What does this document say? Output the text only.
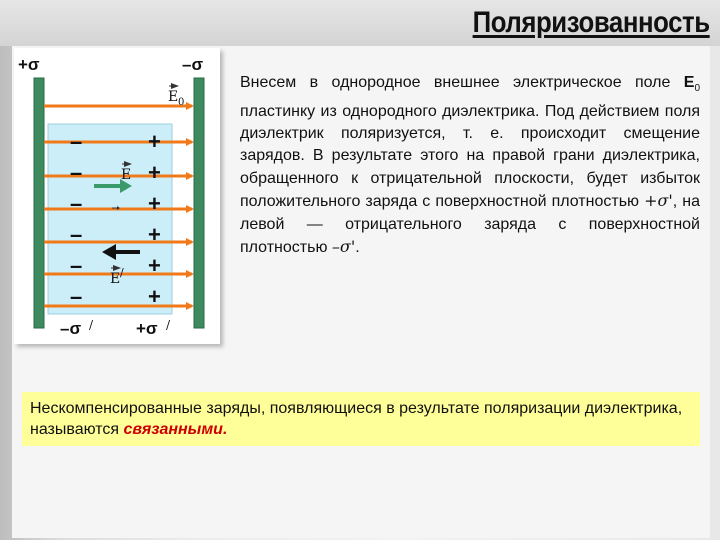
Поляризованность
+σ	–σ
E 0
E
E /
–
–
–
–
–
–
+
+
+
+
+
+
–σ /	+σ /
Внесем в однородное внешнее электрическое поле $Е_0$ пластинку из однородного диэлектрика. Под действием поля диэлектрик поляризуется, т. е. происходит смещение зарядов. В результате этого на правой грани диэлектрика, обращенного к отрицательной плоскости, будет избыток положительного заряда с поверхностной плотностью +σ', на левой — отрицательного заряда с поверхностной плотностью –σ'.
Нескомпенсированные заряды, появляющиеся в результате поляризации диэлектрика, называются связанными.
